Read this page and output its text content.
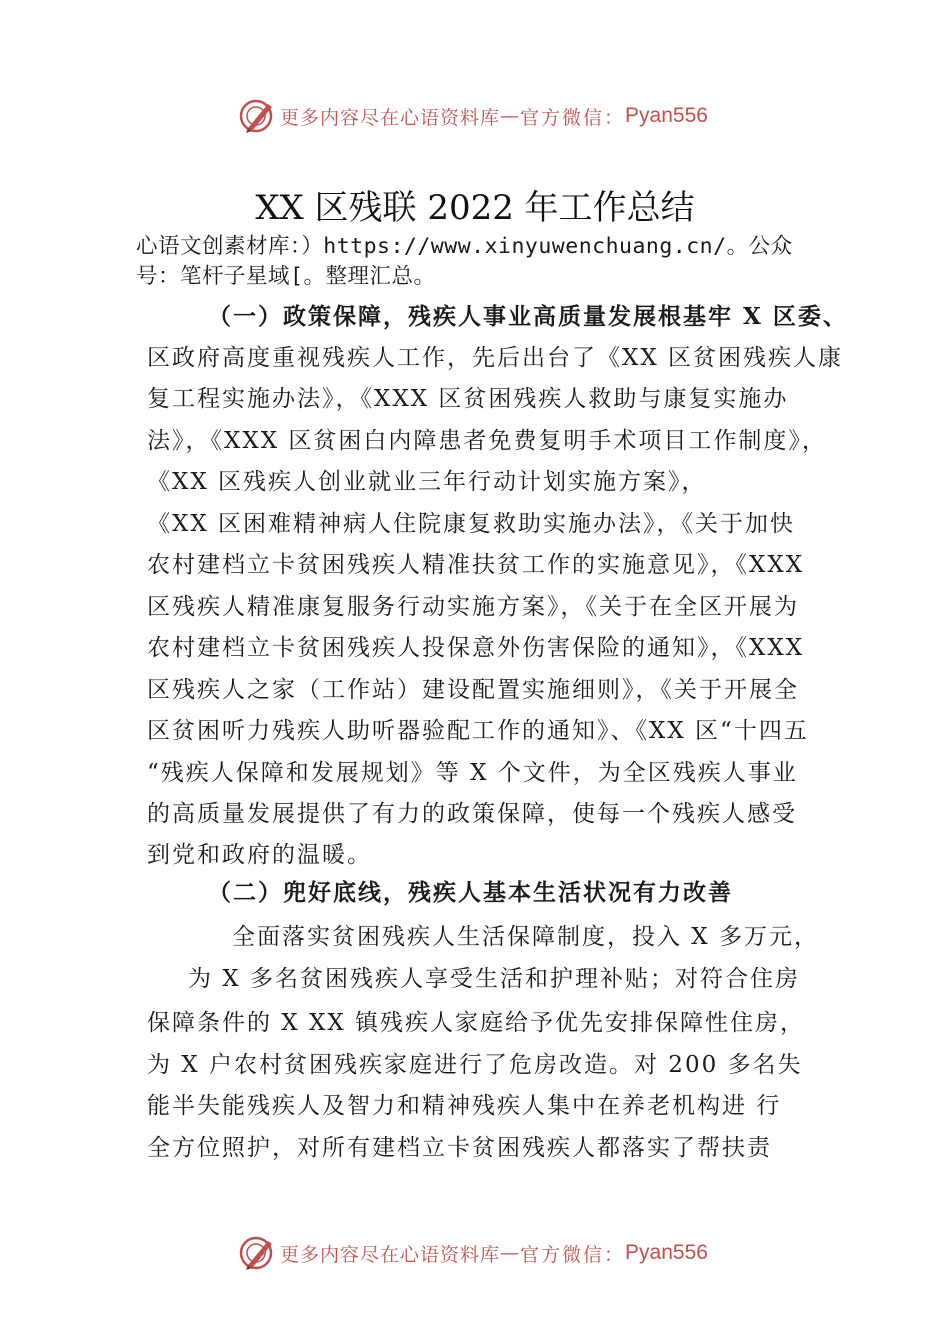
更多内容尽在心语资料库 — 官方微信： Pyan556
XX 区残联 2022 年工作总结
心语文创素材库：）https://www.xinyuwenchuang.cn/。公众
号：笔杆子星域[。整理汇总。
（一）政策保障，残疾人事业高质量发展根基牢 X 区委、
区政府高度重视残疾人工作，先后出台了《XX 区贫困残疾人康
复工程实施办法》，《XXX 区贫困残疾人救助与康复实施办
法》，《XXX 区贫困白内障患者免费复明手术项目工作制度》，
《XX 区残疾人创业就业三年行动计划实施方案》，
《XX 区困难精神病人住院康复救助实施办法》，《关于加快
农村建档立卡贫困残疾人精准扶贫工作的实施意见》，《XXX
区残疾人精准康复服务行动实施方案》，《关于在全区开展为
农村建档立卡贫困残疾人投保意外伤害保险的通知》，《XXX
区残疾人之家（工作站）建设配置实施细则》，《关于开展全
区贫困听力残疾人助听器验配工作的通知》、《XX 区“十四五
“残疾人保障和发展规划》等 X 个文件，为全区残疾人事业
的高质量发展提供了有力的政策保障，使每一个残疾人感受
到党和政府的温暖。
（二）兜好底线，残疾人基本生活状况有力改善
全面落实贫困残疾人生活保障制度，投入 X 多万元，
为 X 多名贫困残疾人享受生活和护理补贴；对符合住房
保障条件的 X XX 镇残疾人家庭给予优先安排保障性住房，
为 X 户农村贫困残疾家庭进行了危房改造。对 200 多名失
能半失能残疾人及智力和精神残疾人集中在养老机构进 行
全方位照护，对所有建档立卡贫困残疾人都落实了帮扶责
更多内容尽在心语资料库 — 官方微信： Pyan556
